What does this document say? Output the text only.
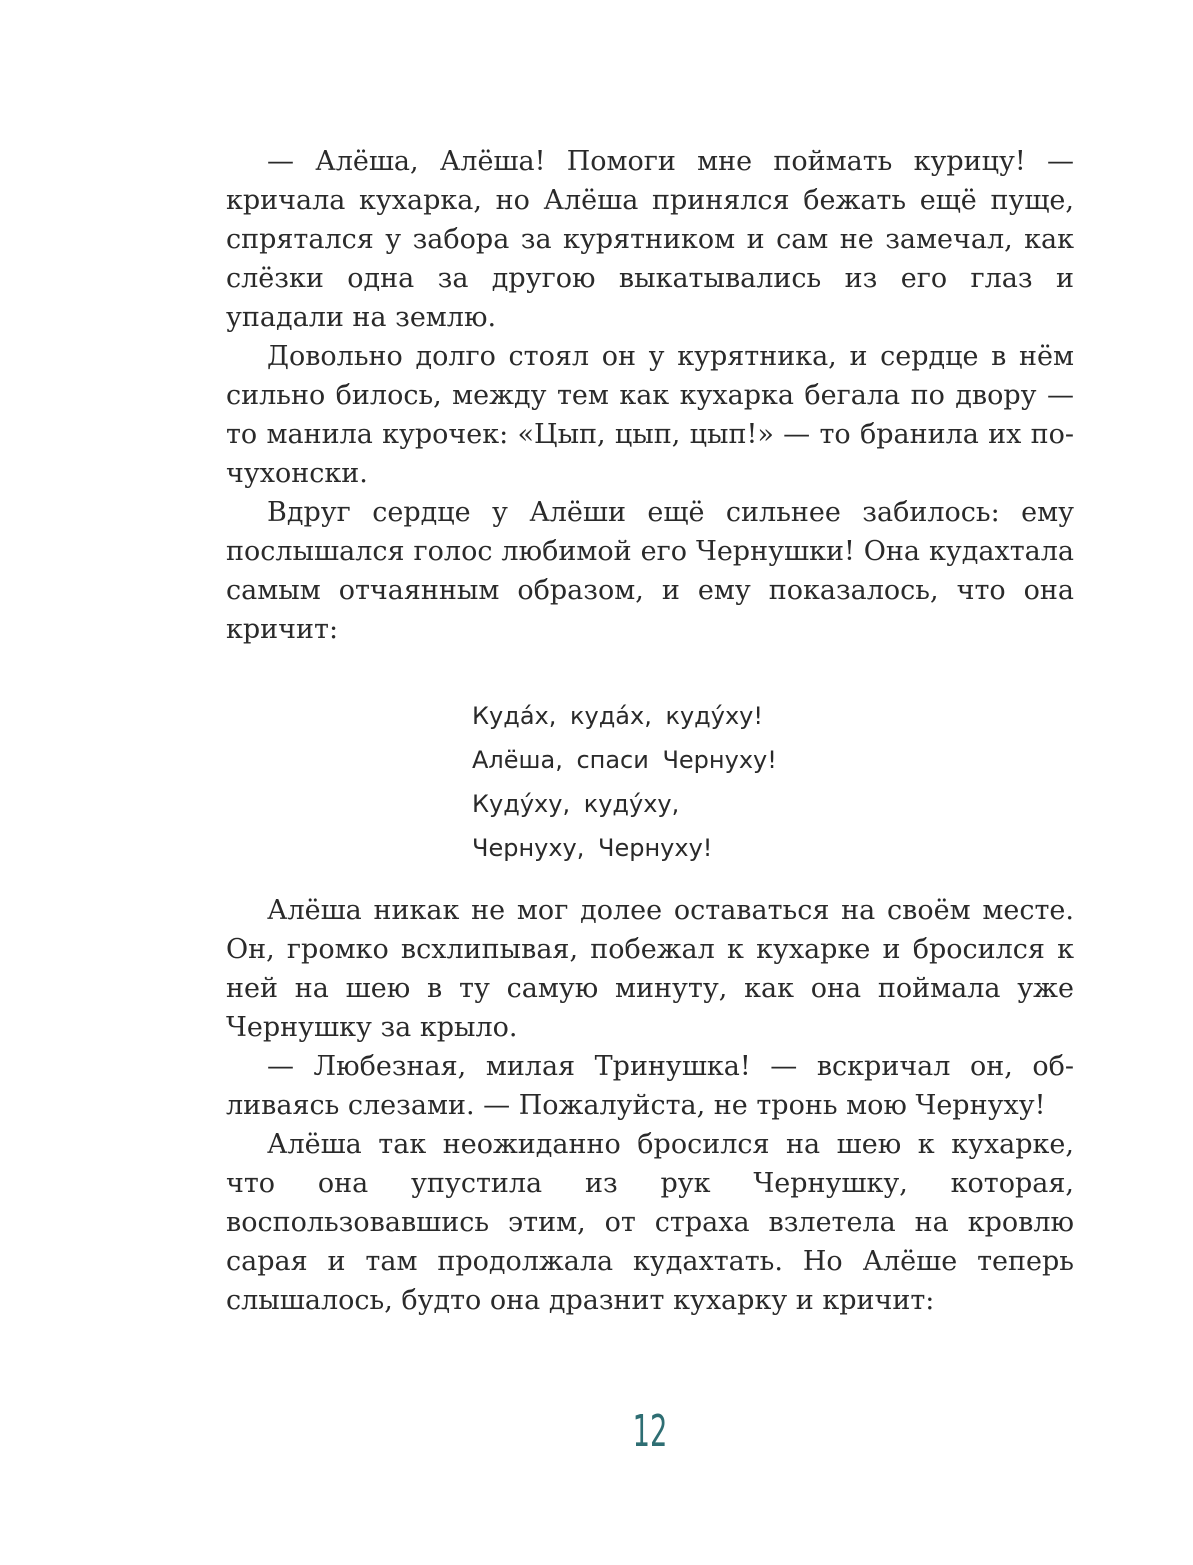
— Алёша, Алёша! Помоги мне поймать курицу! — кричала кухарка, но Алёша принялся бежать ещё пуще, спрятался у забора за курятником и сам не замечал, как слёзки одна за другою выкатывались из его глаз и упадали на землю.

Довольно долго стоял он у курятника, и сердце в нём сильно билось, между тем как кухарка бегала по двору — то манила курочек: «Цып, цып, цып!» — то бранила их по-чухонски.

Вдруг сердце у Алёши ещё сильнее забилось: ему послышался голос любимой его Чернушки! Она кудахтала самым отчаянным образом, и ему показалось, что она кричит:

Куда́х, куда́х, куду́ху!
Алёша, спаси Чернуху!
Куду́ху, куду́ху,
Чернуху, Чернуху!

Алёша никак не мог долее оставаться на своём месте. Он, громко всхлипывая, побежал к кухарке и бросился к ней на шею в ту самую минуту, как она поймала уже Чернушку за крыло.

— Любезная, милая Тринушка! — вскричал он, обливаясь слезами. — Пожалуйста, не тронь мою Чернуху!

Алёша так неожиданно бросился на шею к кухарке, что она упустила из рук Чернушку, которая, воспользовавшись этим, от страха взлетела на кровлю сарая и там продолжала кудахтать. Но Алёше теперь слышалось, будто она дразнит кухарку и кричит:

12
